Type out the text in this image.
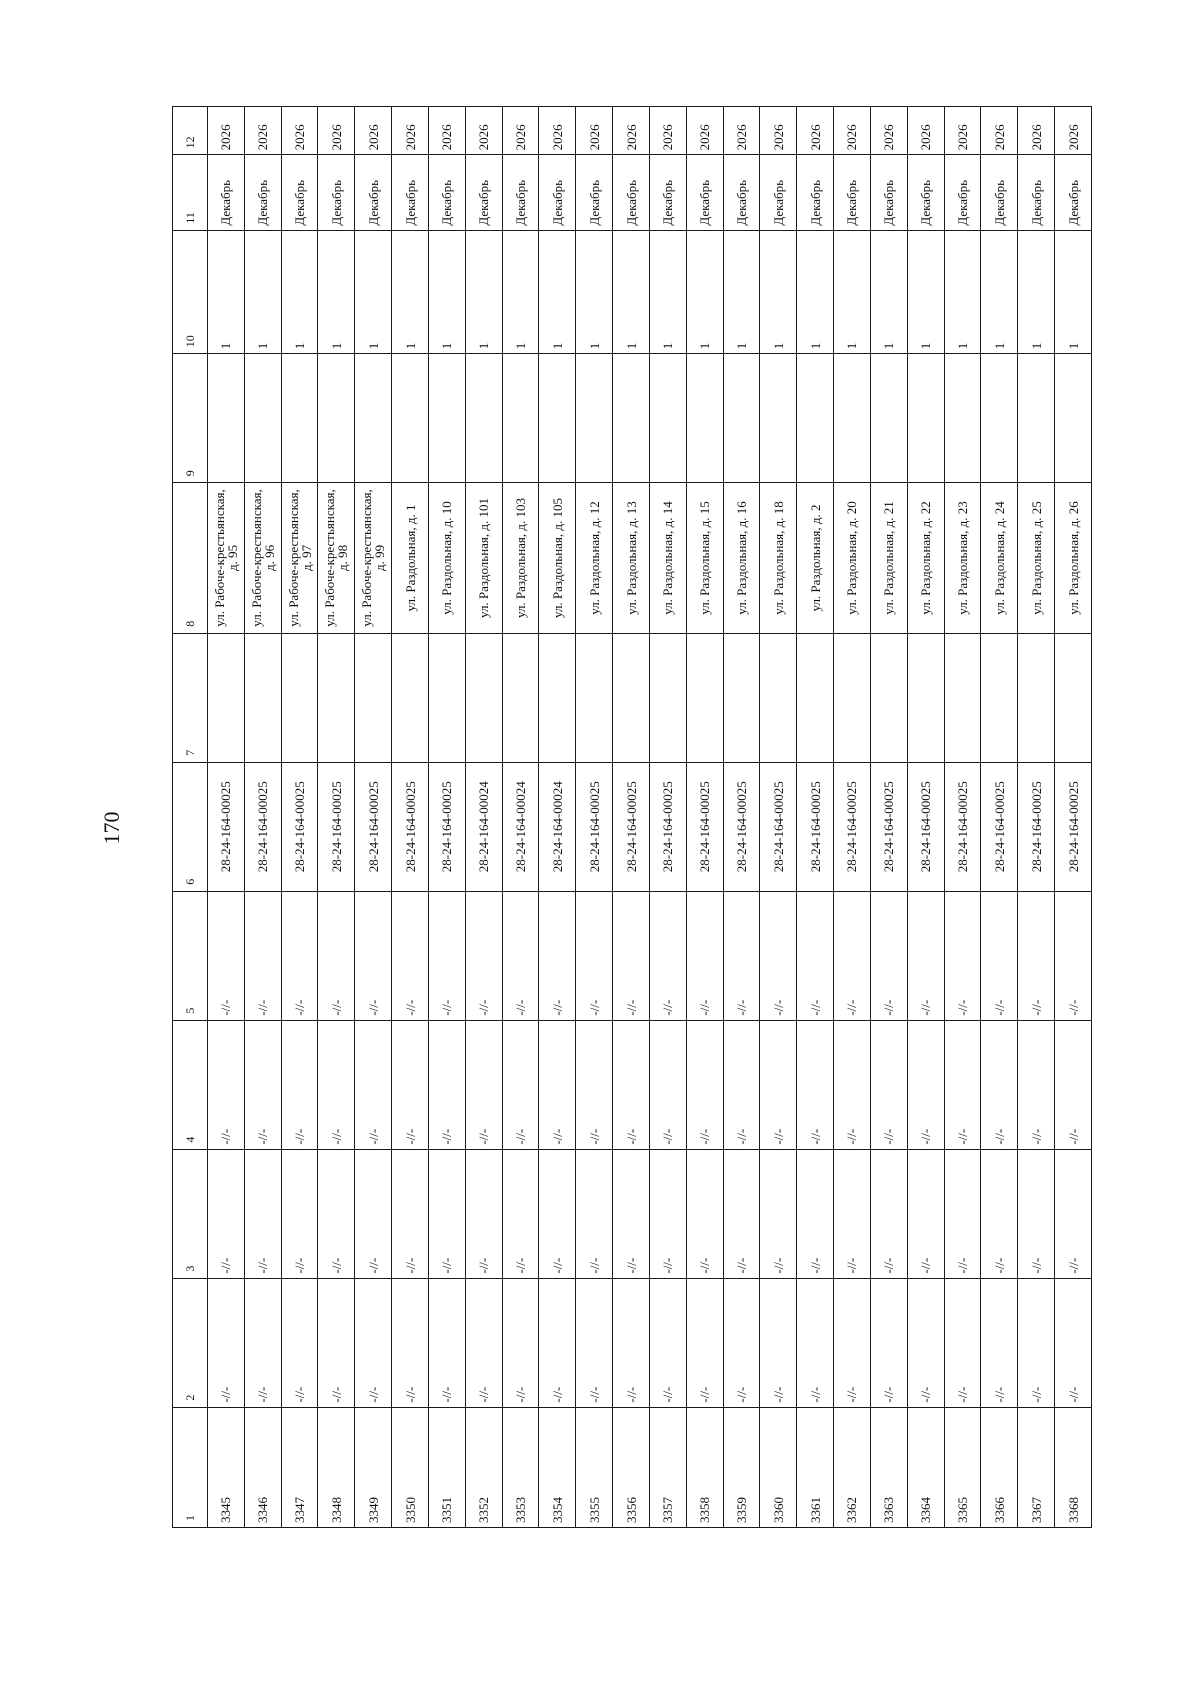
170
1	2	3	4	5	6	7	8	9	10	11	12
3345	-//-	-//-	-//-	-//-	28-24-164-00025		ул. Рабоче-крестьянская, д. 95		1	Декабрь	2026
3346	-//-	-//-	-//-	-//-	28-24-164-00025		ул. Рабоче-крестьянская, д. 96		1	Декабрь	2026
3347	-//-	-//-	-//-	-//-	28-24-164-00025		ул. Рабоче-крестьянская, д. 97		1	Декабрь	2026
3348	-//-	-//-	-//-	-//-	28-24-164-00025		ул. Рабоче-крестьянская, д. 98		1	Декабрь	2026
3349	-//-	-//-	-//-	-//-	28-24-164-00025		ул. Рабоче-крестьянская, д. 99		1	Декабрь	2026
3350	-//-	-//-	-//-	-//-	28-24-164-00025		ул. Раздольная, д. 1		1	Декабрь	2026
3351	-//-	-//-	-//-	-//-	28-24-164-00025		ул. Раздольная, д. 10		1	Декабрь	2026
3352	-//-	-//-	-//-	-//-	28-24-164-00024		ул. Раздольная, д. 101		1	Декабрь	2026
3353	-//-	-//-	-//-	-//-	28-24-164-00024		ул. Раздольная, д. 103		1	Декабрь	2026
3354	-//-	-//-	-//-	-//-	28-24-164-00024		ул. Раздольная, д. 105		1	Декабрь	2026
3355	-//-	-//-	-//-	-//-	28-24-164-00025		ул. Раздольная, д. 12		1	Декабрь	2026
3356	-//-	-//-	-//-	-//-	28-24-164-00025		ул. Раздольная, д. 13		1	Декабрь	2026
3357	-//-	-//-	-//-	-//-	28-24-164-00025		ул. Раздольная, д. 14		1	Декабрь	2026
3358	-//-	-//-	-//-	-//-	28-24-164-00025		ул. Раздольная, д. 15		1	Декабрь	2026
3359	-//-	-//-	-//-	-//-	28-24-164-00025		ул. Раздольная, д. 16		1	Декабрь	2026
3360	-//-	-//-	-//-	-//-	28-24-164-00025		ул. Раздольная, д. 18		1	Декабрь	2026
3361	-//-	-//-	-//-	-//-	28-24-164-00025		ул. Раздольная, д. 2		1	Декабрь	2026
3362	-//-	-//-	-//-	-//-	28-24-164-00025		ул. Раздольная, д. 20		1	Декабрь	2026
3363	-//-	-//-	-//-	-//-	28-24-164-00025		ул. Раздольная, д. 21		1	Декабрь	2026
3364	-//-	-//-	-//-	-//-	28-24-164-00025		ул. Раздольная, д. 22		1	Декабрь	2026
3365	-//-	-//-	-//-	-//-	28-24-164-00025		ул. Раздольная, д. 23		1	Декабрь	2026
3366	-//-	-//-	-//-	-//-	28-24-164-00025		ул. Раздольная, д. 24		1	Декабрь	2026
3367	-//-	-//-	-//-	-//-	28-24-164-00025		ул. Раздольная, д. 25		1	Декабрь	2026
3368	-//-	-//-	-//-	-//-	28-24-164-00025		ул. Раздольная, д. 26		1	Декабрь	2026
